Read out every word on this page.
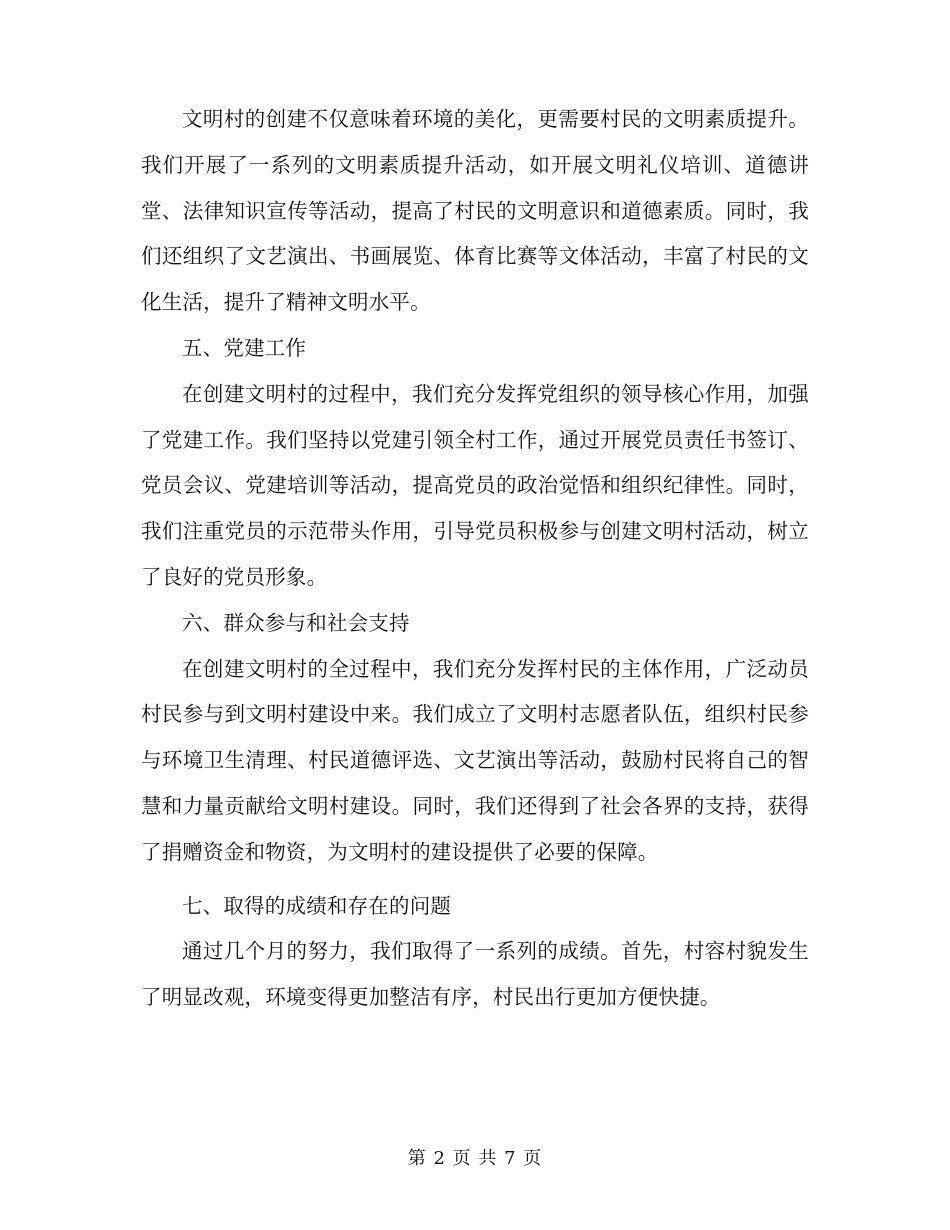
文明村的创建不仅意味着环境的美化，更需要村民的文明素质提升。我们开展了一系列的文明素质提升活动，如开展文明礼仪培训、道德讲堂、法律知识宣传等活动，提高了村民的文明意识和道德素质。同时，我们还组织了文艺演出、书画展览、体育比赛等文体活动，丰富了村民的文化生活，提升了精神文明水平。

五、党建工作

在创建文明村的过程中，我们充分发挥党组织的领导核心作用，加强了党建工作。我们坚持以党建引领全村工作，通过开展党员责任书签订、党员会议、党建培训等活动，提高党员的政治觉悟和组织纪律性。同时，我们注重党员的示范带头作用，引导党员积极参与创建文明村活动，树立了良好的党员形象。

六、群众参与和社会支持

在创建文明村的全过程中，我们充分发挥村民的主体作用，广泛动员村民参与到文明村建设中来。我们成立了文明村志愿者队伍，组织村民参与环境卫生清理、村民道德评选、文艺演出等活动，鼓励村民将自己的智慧和力量贡献给文明村建设。同时，我们还得到了社会各界的支持，获得了捐赠资金和物资，为文明村的建设提供了必要的保障。

七、取得的成绩和存在的问题

通过几个月的努力，我们取得了一系列的成绩。首先，村容村貌发生了明显改观，环境变得更加整洁有序，村民出行更加方便快捷。

第 2 页 共 7 页
